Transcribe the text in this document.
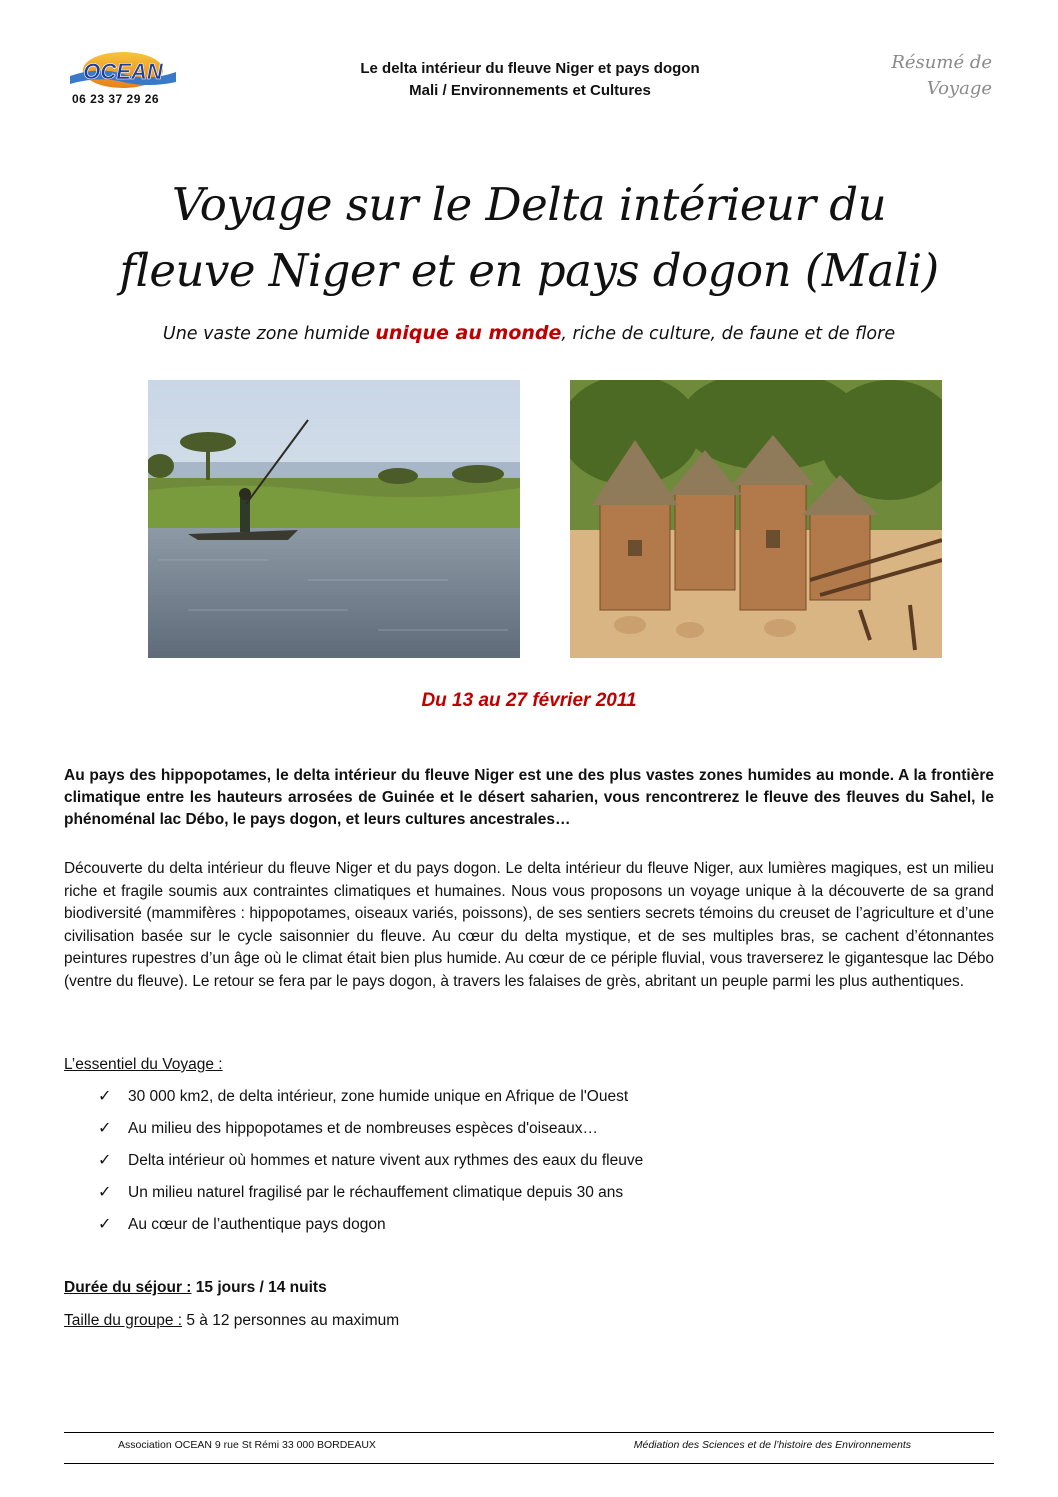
OCEAN
06 23 37 29 26
Le delta intérieur du fleuve Niger et pays dogon
Mali / Environnements et Cultures
Résumé de
Voyage
Voyage sur le Delta intérieur du
fleuve Niger et en pays dogon (Mali)
Une vaste zone humide unique au monde, riche de culture, de faune et de flore
Du 13 au 27 février 2011

Au pays des hippopotames, le delta intérieur du fleuve Niger est une des plus vastes zones humides au monde. A la frontière climatique entre les hauteurs arrosées de Guinée et le désert saharien, vous rencontrerez le fleuve des fleuves du Sahel, le phénoménal lac Débo, le pays dogon, et leurs cultures ancestrales…

Découverte du delta intérieur du fleuve Niger et du pays dogon. Le delta intérieur du fleuve Niger, aux lumières magiques, est un milieu riche et fragile soumis aux contraintes climatiques et humaines. Nous vous proposons un voyage unique à la découverte de sa grand biodiversité (mammifères : hippopotames, oiseaux variés, poissons), de ses sentiers secrets témoins du creuset de l’agriculture et d’une civilisation basée sur le cycle saisonnier du fleuve. Au cœur du delta mystique, et de ses multiples bras, se cachent d’étonnantes peintures rupestres d’un âge où le climat était bien plus humide. Au cœur de ce périple fluvial, vous traverserez le gigantesque lac Débo (ventre du fleuve). Le retour se fera par le pays dogon, à travers les falaises de grès, abritant un peuple parmi les plus authentiques.

L’essentiel du Voyage :
✓	30 000 km2, de delta intérieur, zone humide unique en Afrique de l'Ouest
✓	Au milieu des hippopotames et de nombreuses espèces d'oiseaux…
✓	Delta intérieur où hommes et nature vivent aux rythmes des eaux du fleuve
✓	Un milieu naturel fragilisé par le réchauffement climatique depuis 30 ans
✓	Au cœur de l’authentique pays dogon
Durée du séjour : 15 jours / 14 nuits
Taille du groupe : 5 à 12 personnes au maximum
Association OCEAN 9 rue St Rémi 33 000 BORDEAUX	Médiation des Sciences et de l’histoire des Environnements
